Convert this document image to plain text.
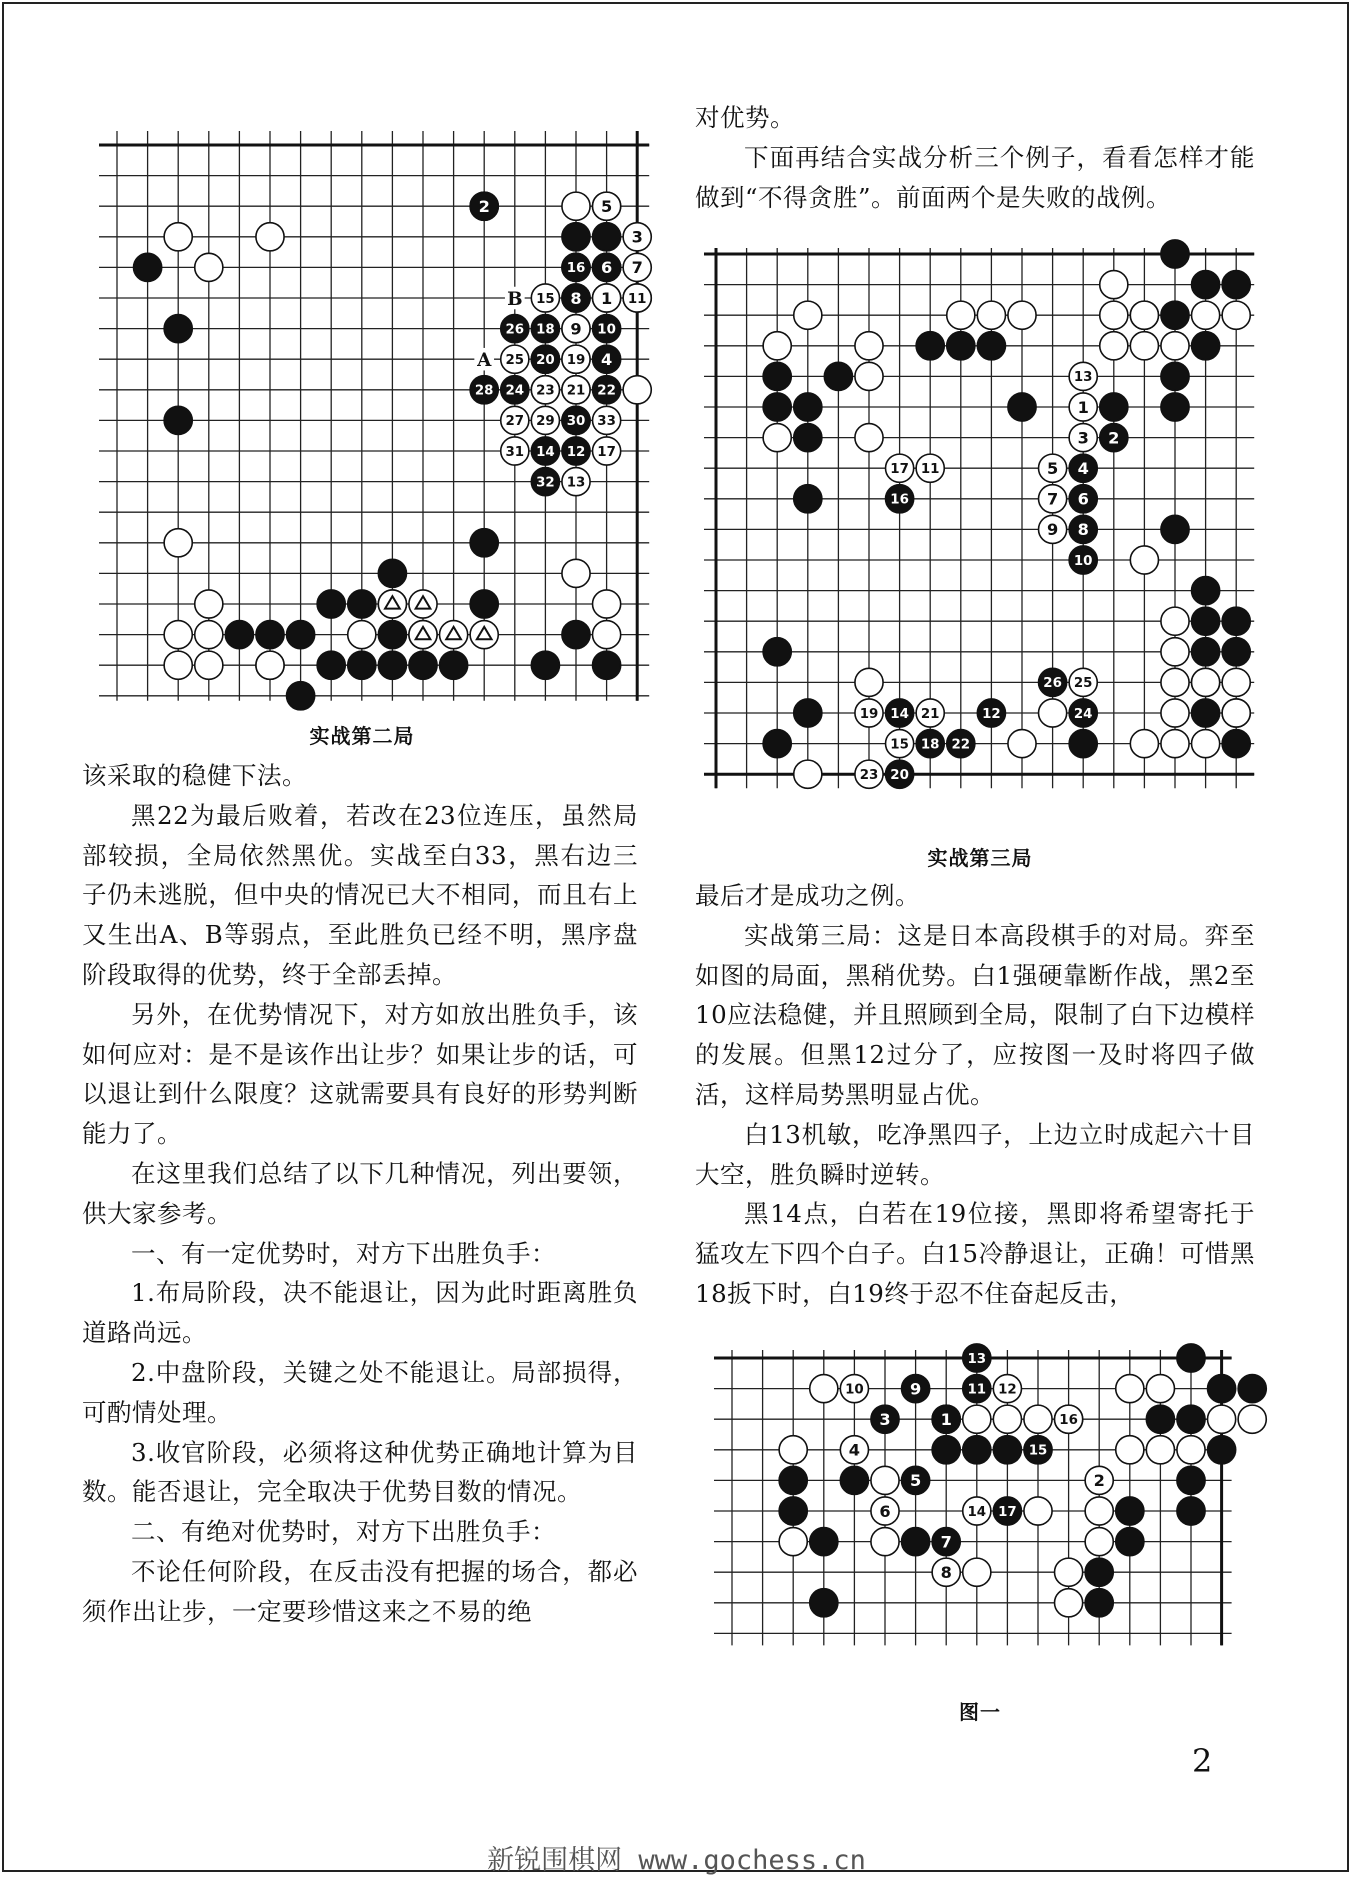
2	5
3
16 6 7
15 8 1 11
26 18 9 10
25 20 19 4
28 24 23 21 22
27 29 30 33
31 14 12 17
32 13
B
A
实战第二局

该采取的稳健下法。

黑22为最后败着，若改在23位连压，虽然局部较损，全局依然黑优。实战至白33，黑右边三子仍未逃脱，但中央的情况已大不相同，而且右上又生出A、B等弱点，至此胜负已经不明，黑序盘阶段取得的优势，终于全部丢掉。

另外，在优势情况下，对方如放出胜负手，该如何应对：是不是该作出让步？如果让步的话，可以退让到什么限度？这就需要具有良好的形势判断能力了。

在这里我们总结了以下几种情况，列出要领，供大家参考。

一、有一定优势时，对方下出胜负手：

1.布局阶段，决不能退让，因为此时距离胜负道路尚远。

2.中盘阶段，关键之处不能退让。局部损得，可酌情处理。

3.收官阶段，必须将这种优势正确地计算为目数。能否退让，完全取决于优势目数的情况。

二、有绝对优势时，对方下出胜负手：

不论任何阶段，在反击没有把握的场合，都必须作出让步，一定要珍惜这来之不易的绝

对优势。

下面再结合实战分析三个例子，看看怎样才能做到“不得贪胜”。前面两个是失败的战例。

13
1
3 2
17 11	5 4
16	7 6
9 8
10
26 25
19 14 21	12	24
15 18 22
23 20
实战第三局

最后才是成功之例。

实战第三局：这是日本高段棋手的对局。弈至如图的局面，黑稍优势。白1强硬靠断作战，黑2至10应法稳健，并且照顾到全局，限制了白下边模样的发展。但黑12过分了，应按图一及时将四子做活，这样局势黑明显占优。

白13机敏，吃净黑四子，上边立时成起六十目大空，胜负瞬时逆转。

黑14点，白若在19位接，黑即将希望寄托于猛攻左下四个白子。白15冷静退让，正确！可惜黑18扳下时，白19终于忍不住奋起反击，

13
10	9	11 12
3	1	16
4	15
5	2
6	14 17
7
8
图一
2
新锐围棋网 www.gochess.cn
